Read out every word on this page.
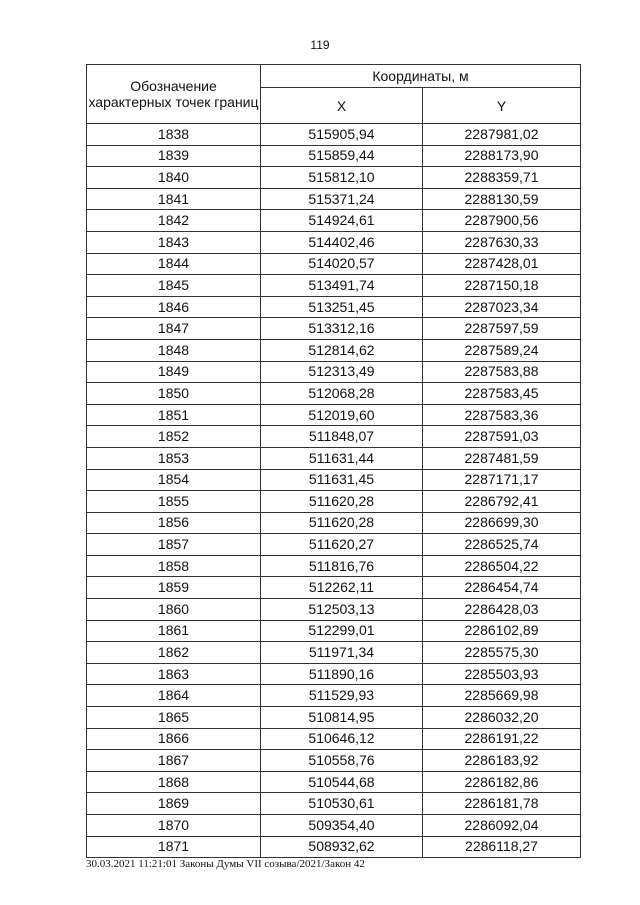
119
Обозначение характерных точек границ	Координаты, м	
	X	Y
1838	515905,94	2287981,02
1839	515859,44	2288173,90
1840	515812,10	2288359,71
1841	515371,24	2288130,59
1842	514924,61	2287900,56
1843	514402,46	2287630,33
1844	514020,57	2287428,01
1845	513491,74	2287150,18
1846	513251,45	2287023,34
1847	513312,16	2287597,59
1848	512814,62	2287589,24
1849	512313,49	2287583,88
1850	512068,28	2287583,45
1851	512019,60	2287583,36
1852	511848,07	2287591,03
1853	511631,44	2287481,59
1854	511631,45	2287171,17
1855	511620,28	2286792,41
1856	511620,28	2286699,30
1857	511620,27	2286525,74
1858	511816,76	2286504,22
1859	512262,11	2286454,74
1860	512503,13	2286428,03
1861	512299,01	2286102,89
1862	511971,34	2285575,30
1863	511890,16	2285503,93
1864	511529,93	2285669,98
1865	510814,95	2286032,20
1866	510646,12	2286191,22
1867	510558,76	2286183,92
1868	510544,68	2286182,86
1869	510530,61	2286181,78
1870	509354,40	2286092,04
1871	508932,62	2286118,27
30.03.2021 11:21:01 Законы Думы VII созыва/2021/Закон 42
